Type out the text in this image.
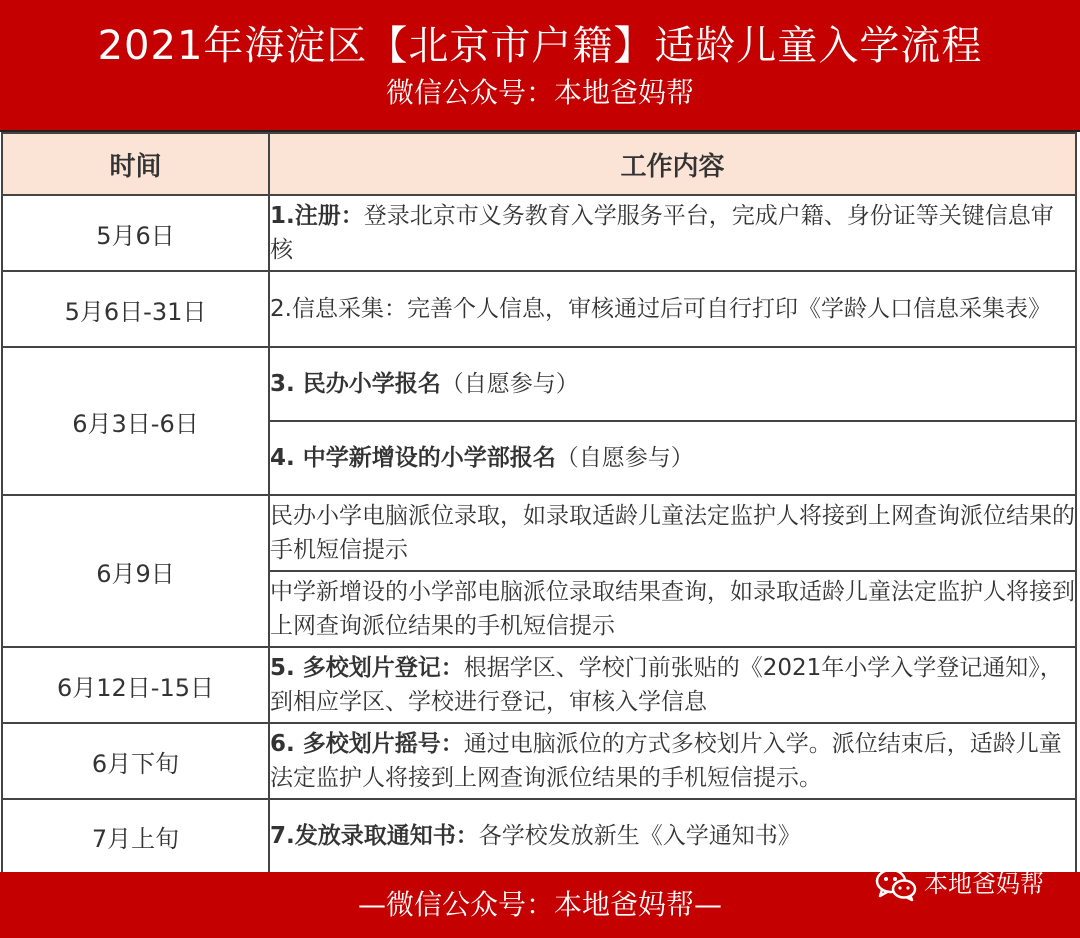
2021年海淀区【北京市户籍】适龄儿童入学流程
微信公众号：本地爸妈帮
时间	工作内容
5月6日	1.注册：登录北京市义务教育入学服务平台，完成户籍、身份证等关键信息审核
5月6日-31日	2.信息采集：完善个人信息，审核通过后可自行打印《学龄人口信息采集表》
6月3日-6日	3. 民办小学报名（自愿参与）
	4. 中学新增设的小学部报名（自愿参与）
6月9日	民办小学电脑派位录取，如录取适龄儿童法定监护人将接到上网查询派位结果的手机短信提示
	中学新增设的小学部电脑派位录取结果查询，如录取适龄儿童法定监护人将接到上网查询派位结果的手机短信提示
6月12日-15日	5. 多校划片登记：根据学区、学校门前张贴的《2021年小学入学登记通知》，到相应学区、学校进行登记，审核入学信息
6月下旬	6. 多校划片摇号：通过电脑派位的方式多校划片入学。派位结束后，适龄儿童法定监护人将接到上网查询派位结果的手机短信提示。
7月上旬	7.发放录取通知书：各学校发放新生《入学通知书》
—微信公众号：本地爸妈帮—
本地爸妈帮
